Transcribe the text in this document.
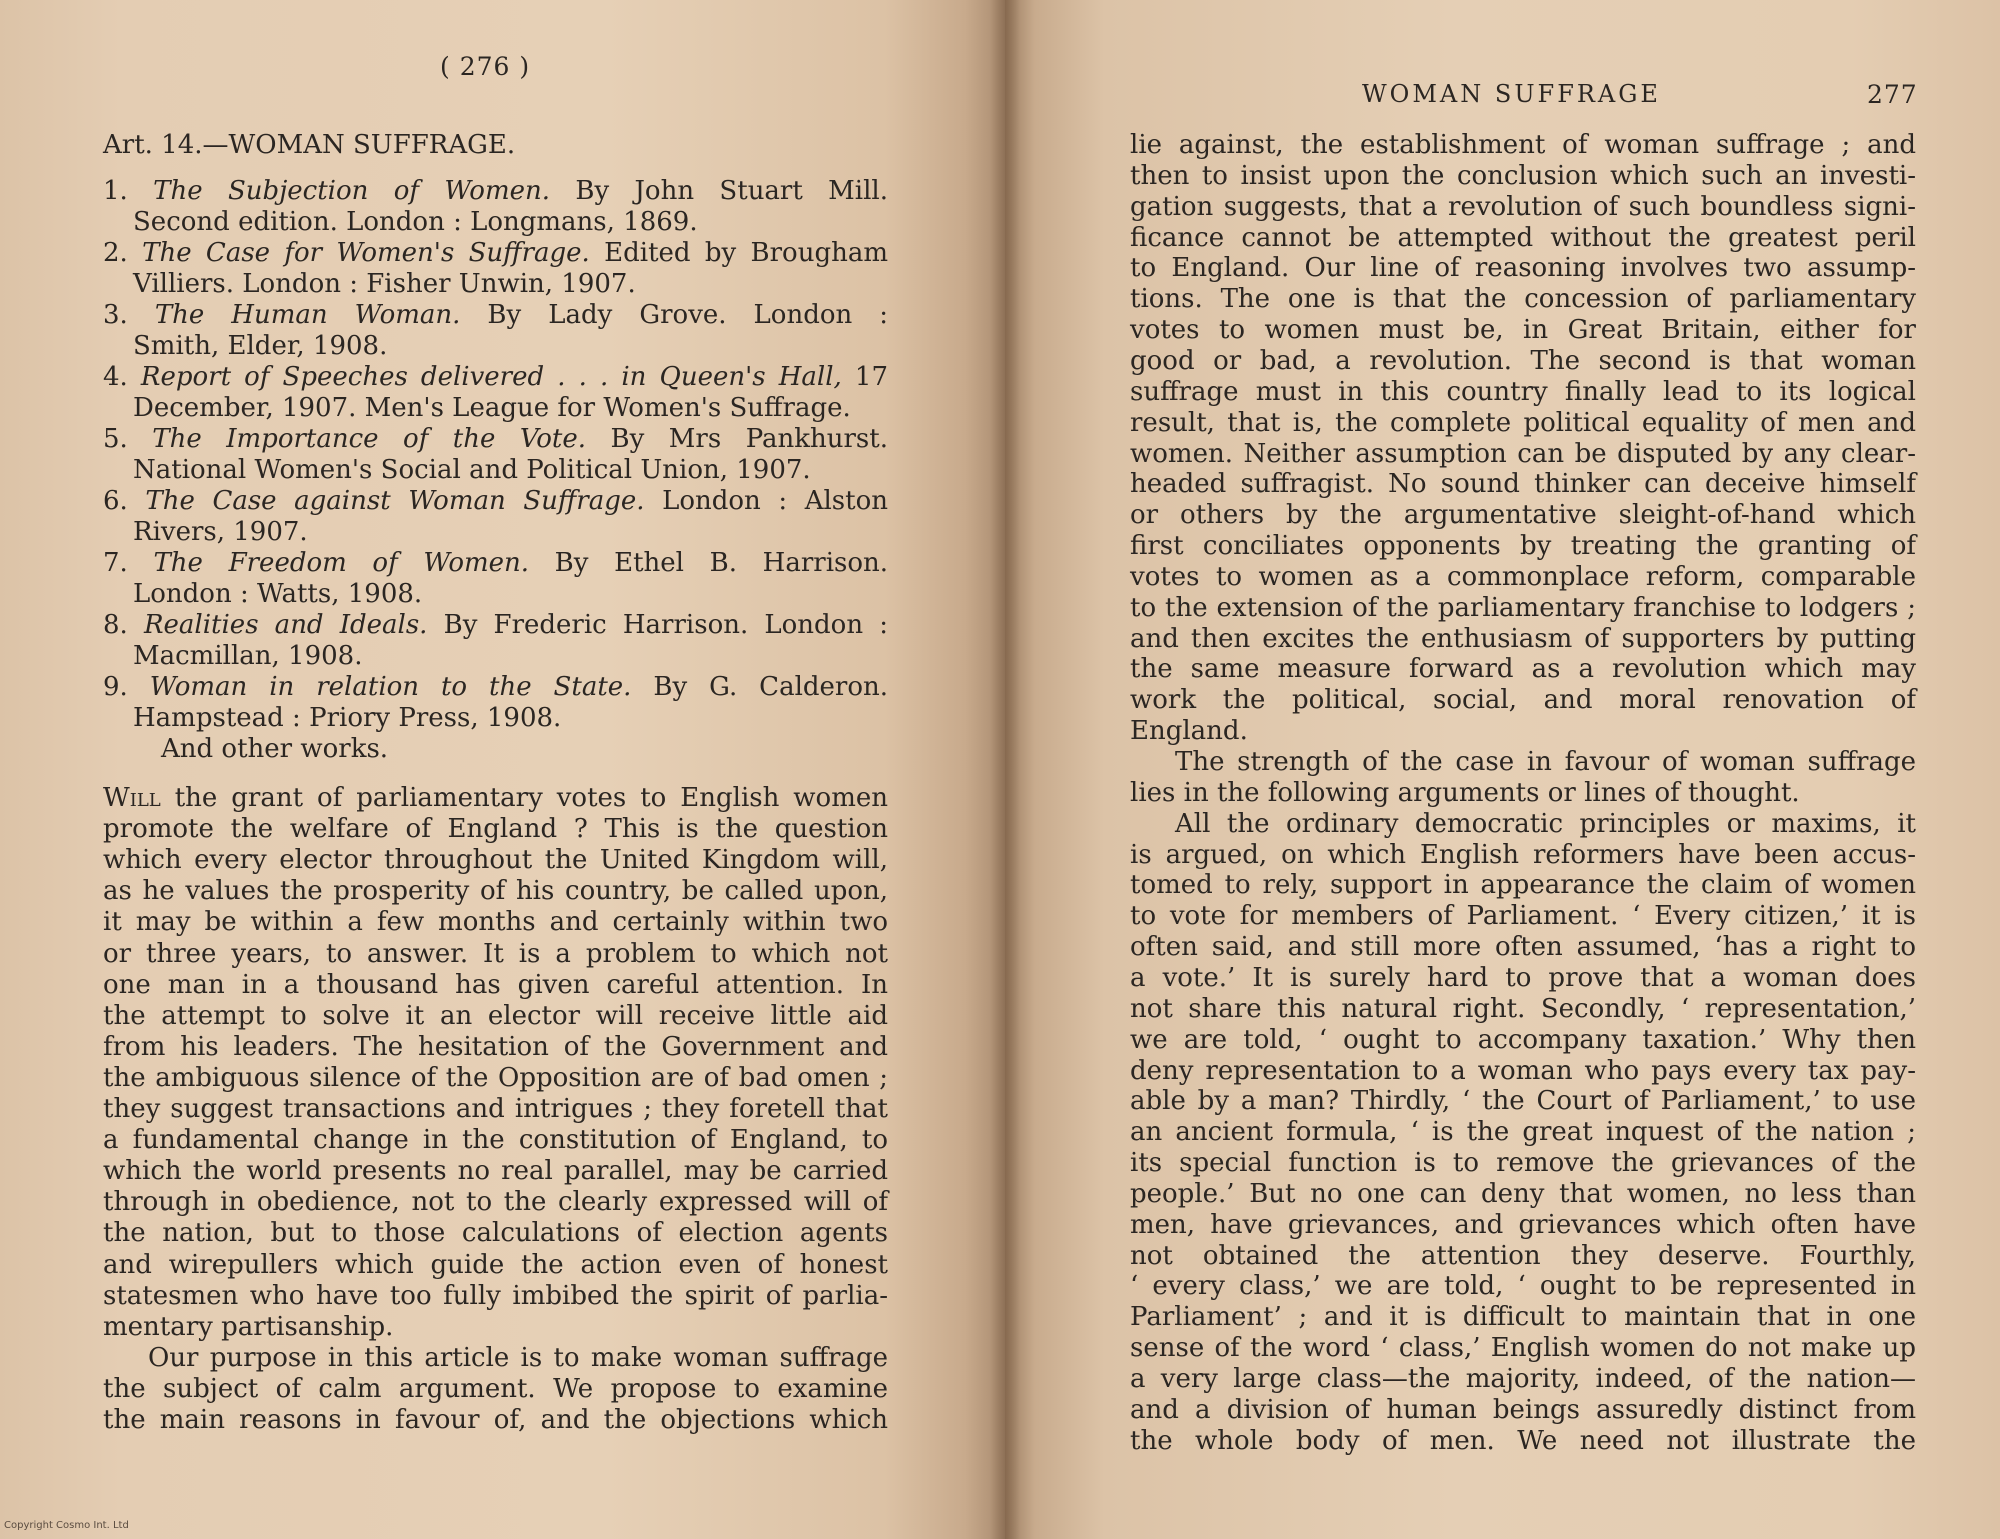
( 276 )
Art. 14.—WOMAN SUFFRAGE.
1. The Subjection of Women. By John Stuart Mill.
Second edition. London : Longmans, 1869.
2. The Case for Women's Suffrage. Edited by Brougham
Villiers. London : Fisher Unwin, 1907.
3. The Human Woman. By Lady Grove. London :
Smith, Elder, 1908.
4. Report of Speeches delivered . . . in Queen's Hall, 17
December, 1907. Men's League for Women's Suffrage.
5. The Importance of the Vote. By Mrs Pankhurst.
National Women's Social and Political Union, 1907.
6. The Case against Woman Suffrage. London : Alston
Rivers, 1907.
7. The Freedom of Women. By Ethel B. Harrison.
London : Watts, 1908.
8. Realities and Ideals. By Frederic Harrison. London :
Macmillan, 1908.
9. Woman in relation to the State. By G. Calderon.
Hampstead : Priory Press, 1908.
And other works.
Will the grant of parliamentary votes to English women
promote the welfare of England ? This is the question
which every elector throughout the United Kingdom will,
as he values the prosperity of his country, be called upon,
it may be within a few months and certainly within two
or three years, to answer. It is a problem to which not
one man in a thousand has given careful attention. In
the attempt to solve it an elector will receive little aid
from his leaders. The hesitation of the Government and
the ambiguous silence of the Opposition are of bad omen ;
they suggest transactions and intrigues ; they foretell that
a fundamental change in the constitution of England, to
which the world presents no real parallel, may be carried
through in obedience, not to the clearly expressed will of
the nation, but to those calculations of election agents
and wirepullers which guide the action even of honest
statesmen who have too fully imbibed the spirit of parlia-
mentary partisanship.
Our purpose in this article is to make woman suffrage
the subject of calm argument. We propose to examine
the main reasons in favour of, and the objections which
WOMAN SUFFRAGE	277
lie against, the establishment of woman suffrage ; and
then to insist upon the conclusion which such an investi-
gation suggests, that a revolution of such boundless signi-
ficance cannot be attempted without the greatest peril
to England. Our line of reasoning involves two assump-
tions. The one is that the concession of parliamentary
votes to women must be, in Great Britain, either for
good or bad, a revolution. The second is that woman
suffrage must in this country finally lead to its logical
result, that is, the complete political equality of men and
women. Neither assumption can be disputed by any clear-
headed suffragist. No sound thinker can deceive himself
or others by the argumentative sleight-of-hand which
first conciliates opponents by treating the granting of
votes to women as a commonplace reform, comparable
to the extension of the parliamentary franchise to lodgers ;
and then excites the enthusiasm of supporters by putting
the same measure forward as a revolution which may
work the political, social, and moral renovation of
England.
The strength of the case in favour of woman suffrage
lies in the following arguments or lines of thought.
All the ordinary democratic principles or maxims, it
is argued, on which English reformers have been accus-
tomed to rely, support in appearance the claim of women
to vote for members of Parliament. ‘ Every citizen,’ it is
often said, and still more often assumed, ‘has a right to
a vote.’ It is surely hard to prove that a woman does
not share this natural right. Secondly, ‘ representation,’
we are told, ‘ ought to accompany taxation.’ Why then
deny representation to a woman who pays every tax pay-
able by a man? Thirdly, ‘ the Court of Parliament,’ to use
an ancient formula, ‘ is the great inquest of the nation ;
its special function is to remove the grievances of the
people.’ But no one can deny that women, no less than
men, have grievances, and grievances which often have
not obtained the attention they deserve. Fourthly,
‘ every class,’ we are told, ‘ ought to be represented in
Parliament’ ; and it is difficult to maintain that in one
sense of the word ‘ class,’ English women do not make up
a very large class—the majority, indeed, of the nation—
and a division of human beings assuredly distinct from
the whole body of men. We need not illustrate the
Copyright Cosmo Int. Ltd
